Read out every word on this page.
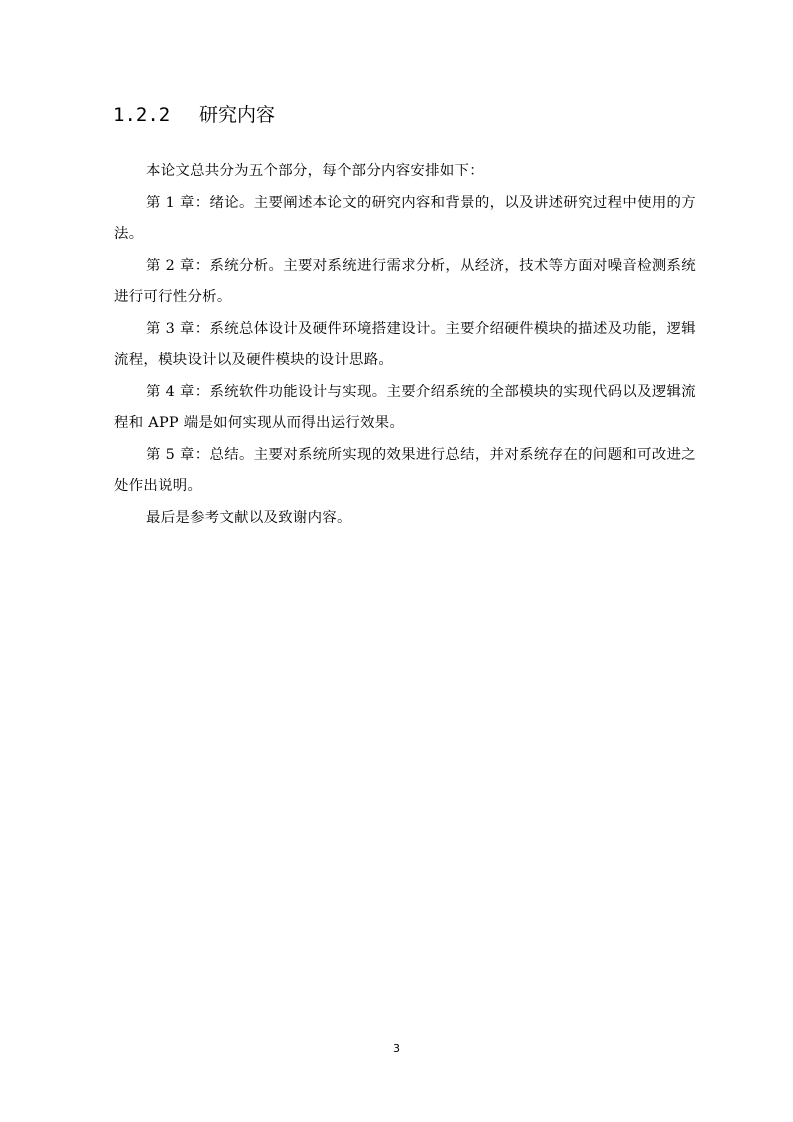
1.2.2	研究内容

本论文总共分为五个部分，每个部分内容安排如下：

第 1 章：绪论。主要阐述本论文的研究内容和背景的，以及讲述研究过程中使用的方法。

第 2 章：系统分析。主要对系统进行需求分析，从经济，技术等方面对噪音检测系统进行可行性分析。

第 3 章：系统总体设计及硬件环境搭建设计。主要介绍硬件模块的描述及功能，逻辑流程，模块设计以及硬件模块的设计思路。

第 4 章：系统软件功能设计与实现。主要介绍系统的全部模块的实现代码以及逻辑流程和 APP 端是如何实现从而得出运行效果。

第 5 章：总结。主要对系统所实现的效果进行总结，并对系统存在的问题和可改进之处作出说明。

最后是参考文献以及致谢内容。

3
